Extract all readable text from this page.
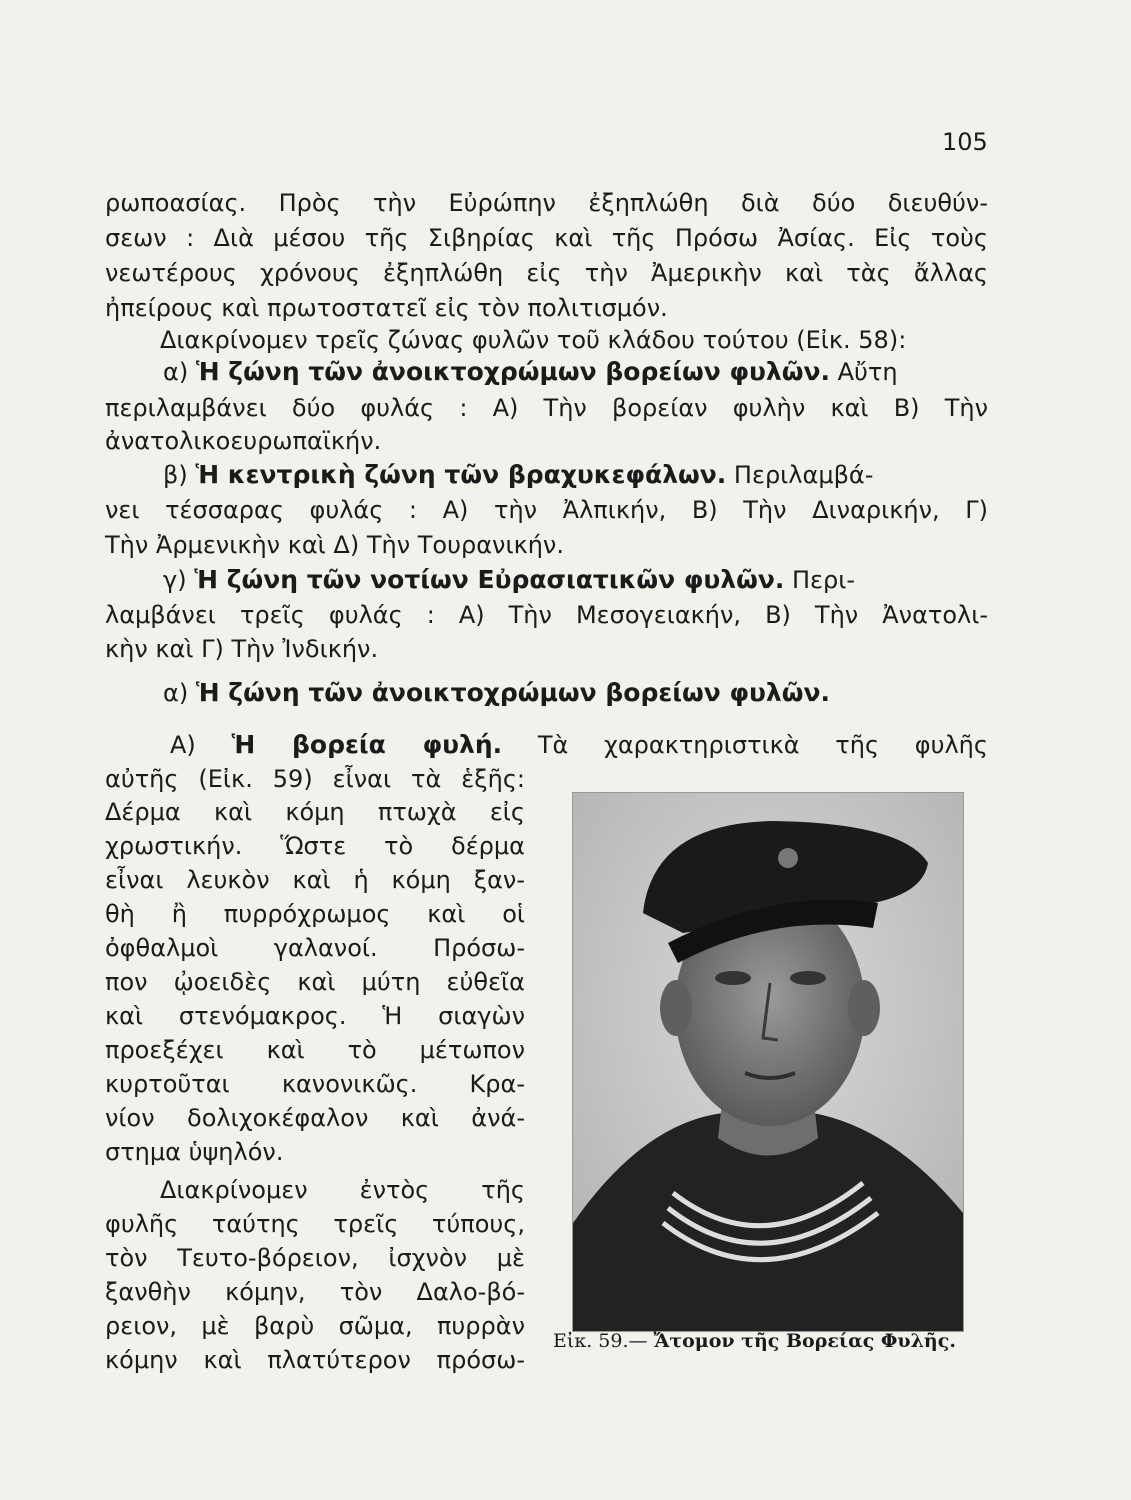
105
ρωποασίας. Πρὸς τὴν Εὐρώπην ἐξηπλώθη διὰ δύο διευθύν-
σεων : Διὰ μέσου τῆς Σιβηρίας καὶ τῆς Πρόσω Ἀσίας. Εἰς τοὺς
νεωτέρους χρόνους ἐξηπλώθη εἰς τὴν Ἀμερικὴν καὶ τὰς ἄλλας
ἠπείρους καὶ πρωτοστατεῖ εἰς τὸν πολιτισμόν.
Διακρίνομεν τρεῖς ζώνας φυλῶν τοῦ κλάδου τούτου (Εἰκ. 58):
α) Ἡ ζώνη τῶν ἀνοικτοχρώμων βορείων φυλῶν. Αὔτη
περιλαμβάνει δύο φυλάς : Α) Τὴν βορείαν φυλὴν καὶ Β) Τὴν
ἀνατολικοευρωπαϊκήν.
β) Ἡ κεντρικὴ ζώνη τῶν βραχυκεφάλων. Περιλαμβά-
νει τέσσαρας φυλάς : Α) τὴν Ἀλπικήν, Β) Τὴν Διναρικήν, Γ)
Τὴν Ἀρμενικὴν καὶ Δ) Τὴν Τουρανικήν.
γ) Ἡ ζώνη τῶν νοτίων Εὐρασιατικῶν φυλῶν. Περι-
λαμβάνει τρεῖς φυλάς : Α) Τὴν Μεσογειακήν, Β) Τὴν Ἀνατολι-
κὴν καὶ Γ) Τὴν Ἰνδικήν.
α) Ἡ ζώνη τῶν ἀνοικτοχρώμων βορείων φυλῶν.
Α) Ἡ βορεία φυλή. Τὰ χαρακτηριστικὰ τῆς φυλῆς
αὐτῆς (Εἰκ. 59) εἶναι τὰ ἑξῆς:
Δέρμα καὶ κόμη πτωχὰ εἰς
χρωστικήν. Ὥστε τὸ δέρμα
εἶναι λευκὸν καὶ ἡ κόμη ξαν-
θὴ ἢ πυρρόχρωμος καὶ οἱ
ὀφθαλμοὶ γαλανοί. Πρόσω-
πον ᾠοειδὲς καὶ μύτη εὐθεῖα
καὶ στενόμακρος. Ἡ σιαγὼν
προεξέχει καὶ τὸ μέτωπον
κυρτοῦται κανονικῶς. Κρα-
νίον δολιχοκέφαλον καὶ ἀνά-
στημα ὑψηλόν.
Διακρίνομεν ἐντὸς τῆς
φυλῆς ταύτης τρεῖς τύπους,
τὸν Τευτο-βόρειον, ἰσχνὸν μὲ
ξανθὴν κόμην, τὸν Δαλο-βό-
ρειον, μὲ βαρὺ σῶμα, πυρρὰν
κόμην καὶ πλατύτερον πρόσω-
Εἰκ. 59.— Ἄτομον τῆς Βορείας Φυλῆς.
